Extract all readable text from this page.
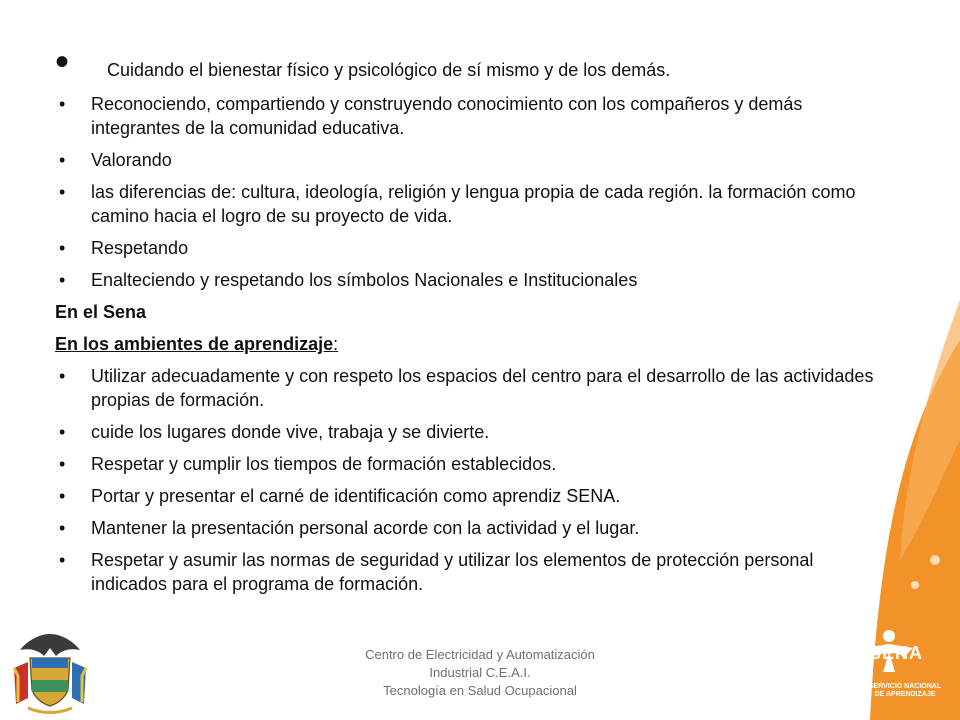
• Cuidando el bienestar físico y psicológico de sí mismo y de los demás.
• Reconociendo, compartiendo y construyendo conocimiento con los compañeros y demás integrantes de la comunidad educativa.
• Valorando
• las diferencias de: cultura, ideología, religión y lengua propia de cada región. la formación como camino hacia el logro de su proyecto de vida.
• Respetando
• Enalteciendo y respetando los símbolos Nacionales e Institucionales
En el Sena
En los ambientes de aprendizaje:
• Utilizar adecuadamente y con respeto los espacios del centro para el desarrollo de las actividades propias de formación.
• cuide los lugares donde vive, trabaja y se divierte.
• Respetar y cumplir los tiempos de formación establecidos.
• Portar y presentar el carné de identificación como aprendiz SENA.
• Mantener la presentación personal acorde con la actividad y el lugar.
• Respetar y asumir las normas de seguridad y utilizar los elementos de protección personal indicados para el programa de formación.
Centro de Electricidad y Automatización
Industrial C.E.A.I.
Tecnología en Salud Ocupacional
SENA
SERVICIO NACIONAL
DE APRENDIZAJE
